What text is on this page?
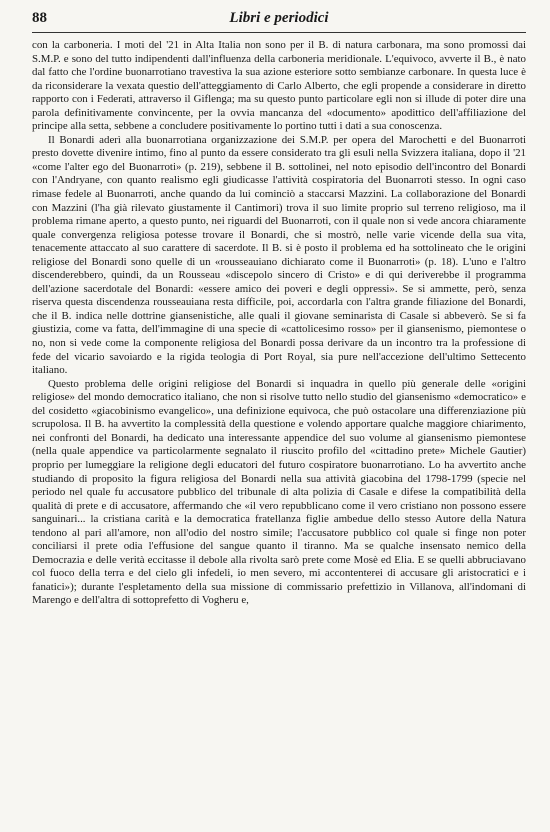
88	Libri e periodici

con la carboneria. I moti del '21 in Alta Italia non sono per il B. di natura carbonara, ma sono promossi dai S.M.P. e sono del tutto indipendenti dall'influenza della carboneria meridionale. L'equivoco, avverte il B., è nato dal fatto che l'ordine buonarrotiano travestiva la sua azione esteriore sotto sembianze carbonare. In questa luce è da riconsiderare la vexata questio dell'atteggiamento di Carlo Alberto, che egli propende a considerare in diretto rapporto con i Federati, attraverso il Giflenga; ma su questo punto particolare egli non si illude di poter dire una parola definitivamente convincente, per la ovvia mancanza del «documento» apodittico dell'affiliazione del principe alla setta, sebbene a concludere positivamente lo portino tutti i dati a sua conoscenza.

Il Bonardi aderì alla buonarrotiana organizzazione dei S.M.P. per opera del Marochetti e del Buonarroti presto dovette divenire intimo, fino al punto da essere considerato tra gli esuli nella Svizzera italiana, dopo il '21 «come l'alter ego del Buonarroti» (p. 219), sebbene il B. sottolinei, nel noto episodio dell'incontro del Bonardi con l'Andryane, con quanto realismo egli giudicasse l'attività cospiratoria del Buonarroti stesso. In ogni caso rimase fedele al Buonarroti, anche quando da lui cominciò a staccarsi Mazzini. La collaborazione del Bonardi con Mazzini (l'ha già rilevato giustamente il Cantimori) trova il suo limite proprio sul terreno religioso, ma il problema rimane aperto, a questo punto, nei riguardi del Buonarroti, con il quale non si vede ancora chiaramente quale convergenza religiosa potesse trovare il Bonardi, che si mostrò, nelle varie vicende della sua vita, tenacemente attaccato al suo carattere di sacerdote. Il B. si è posto il problema ed ha sottolineato che le origini religiose del Bonardi sono quelle di un «rousseauiano dichiarato come il Buonarroti» (p. 18). L'uno e l'altro discenderebbero, quindi, da un Rousseau «discepolo sincero di Cristo» e di qui deriverebbe il programma dell'azione sacerdotale del Bonardi: «essere amico dei poveri e degli oppressi». Se si ammette, però, senza riserva questa discendenza rousseauiana resta difficile, poi, accordarla con l'altra grande filiazione del Bonardi, che il B. indica nelle dottrine giansenistiche, alle quali il giovane seminarista di Casale si abbeverò. Se si fa giustizia, come va fatta, dell'immagine di una specie di «cattolicesimo rosso» per il giansenismo, piemontese o no, non si vede come la componente religiosa del Bonardi possa derivare da un incontro tra la professione di fede del vicario savoiardo e la rigida teologia di Port Royal, sia pure nell'accezione dell'ultimo Settecento italiano.

Questo problema delle origini religiose del Bonardi si inquadra in quello più generale delle «origini religiose» del mondo democratico italiano, che non si risolve tutto nello studio del giansenismo «democratico» e del cosidetto «giacobinismo evangelico», una definizione equivoca, che può ostacolare una differenziazione più scrupolosa. Il B. ha avvertito la complessità della questione e volendo apportare qualche maggiore chiarimento, nei confronti del Bonardi, ha dedicato una interessante appendice del suo volume al giansenismo piemontese (nella quale appendice va particolarmente segnalato il riuscito profilo del «cittadino prete» Michele Gautier) proprio per lumeggiare la religione degli educatori del futuro cospiratore buonarrotiano. Lo ha avvertito anche studiando di proposito la figura religiosa del Bonardi nella sua attività giacobina del 1798-1799 (specie nel periodo nel quale fu accusatore pubblico del tribunale di alta polizia di Casale e difese la compatibilità della qualità di prete e di accusatore, affermando che «il vero repubblicano come il vero cristiano non possono essere sanguinari... la cristiana carità e la democratica fratellanza figlie ambedue dello stesso Autore della Natura tendono al pari all'amore, non all'odio del nostro simile; l'accusatore pubblico col quale si finge non poter conciliarsi il prete odia l'effusione del sangue quanto il tiranno. Ma se qualche insensato nemico della Democrazia e delle verità eccitasse il debole alla rivolta sarò prete come Mosè ed Elia. E se quelli abbruciavano col fuoco della terra e del cielo gli infedeli, io men severo, mi accontenterei di accusare gli aristocratici e i fanatici»); durante l'espletamento della sua missione di commissario prefettizio in Villanova, all'indomani di Marengo e dell'altra di sottoprefetto di Vogheru e,
